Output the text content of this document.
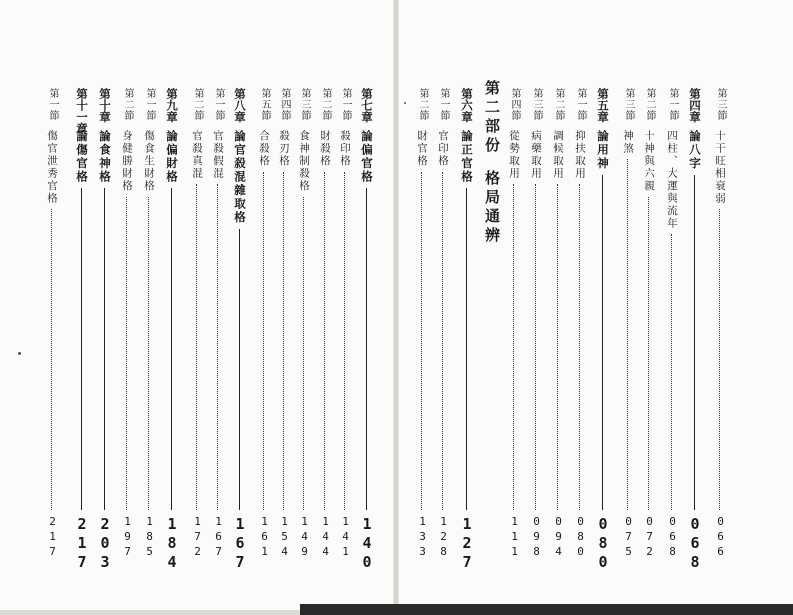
第七章
論偏官格
140
第一節
殺印格
141
第二節
財殺格
144
第三節
食神制殺格
149
第四節
殺刃格
154
第五節
合殺格
161
第八章
論官殺混雜取格
167
第一節
官殺假混
167
第二節
官殺真混
172
第九章
論偏財格
184
第一節
傷食生財格
185
第二節
身健勝財格
197
第十章
論食神格
203
第十一章
論傷官格
217
第一節
傷官泄秀官格
217
第二部份格局通辨
第三節
十干旺相衰弱
066
第四章
論八字
068
第一節
四柱、大運與流年
068
第二節
十神與六親
072
第三節
神煞
075
第五章
論用神
080
第一節
抑扶取用
080
第二節
調候取用
094
第三節
病藥取用
098
第四節
從勢取用
111
第六章
論正官格
127
第一節
官印格
128
第二節
財官格
133
